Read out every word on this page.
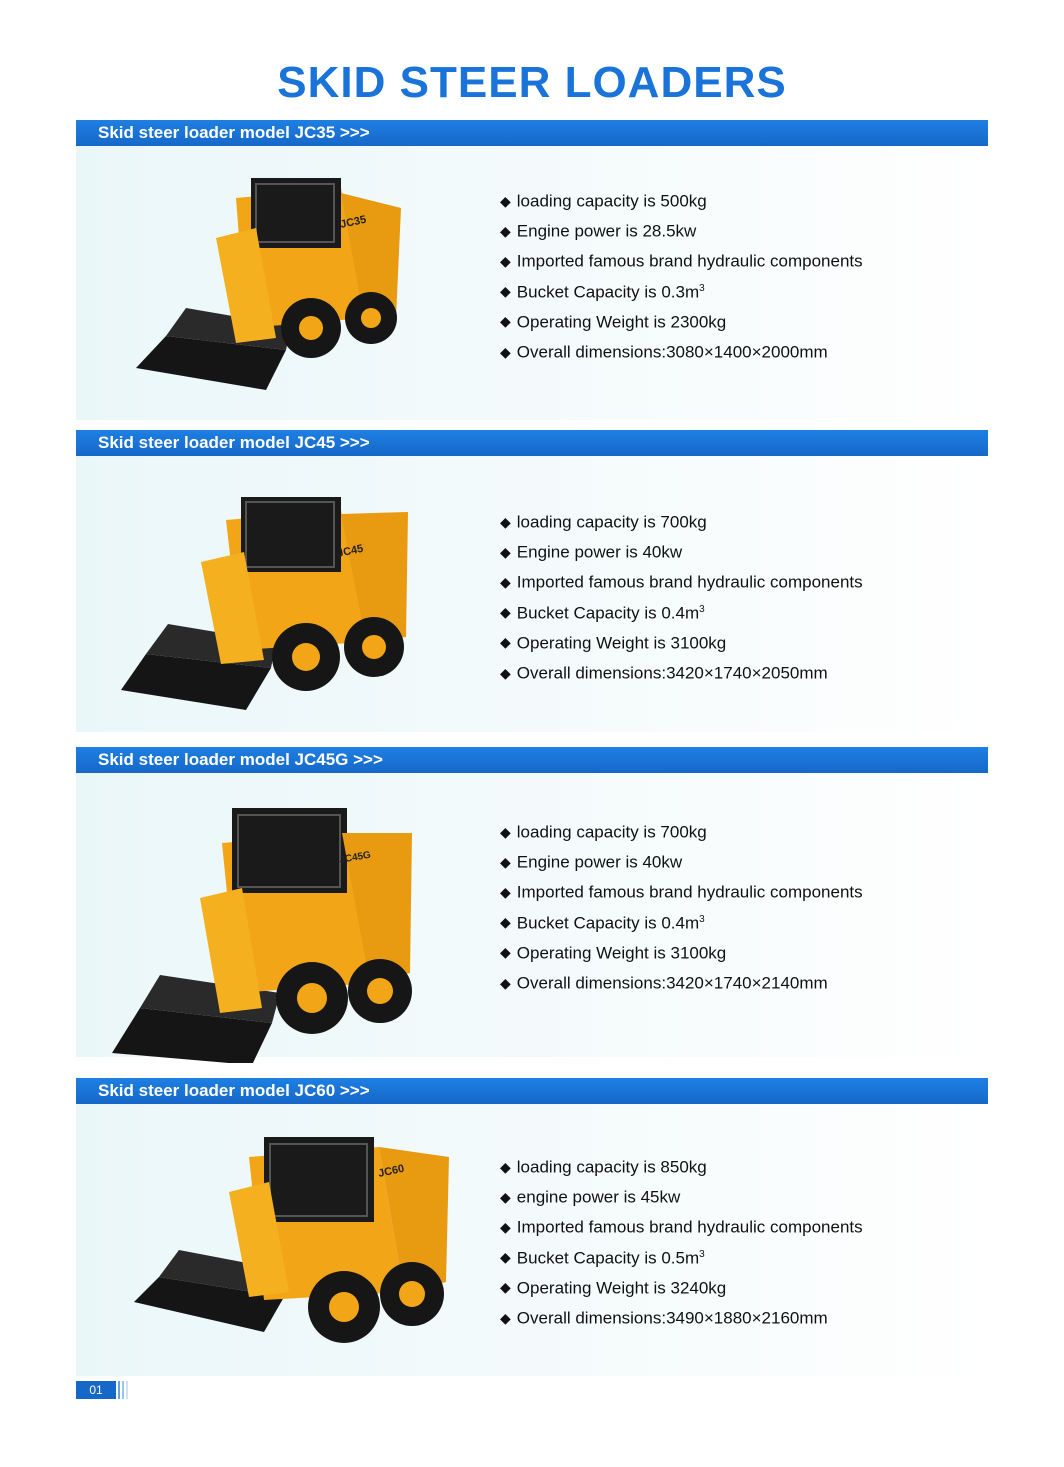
SKID STEER LOADERS
Skid steer loader model JC35 >>>
JC35
◆ loading capacity is 500kg
◆ Engine power is 28.5kw
◆ Imported famous brand hydraulic components
◆ Bucket Capacity is $0.3m^3$
◆ Operating Weight is 2300kg
◆ Overall dimensions:3080×1400×2000mm
Skid steer loader model JC45 >>>
JC45
◆ loading capacity is 700kg
◆ Engine power is 40kw
◆ Imported famous brand hydraulic components
◆ Bucket Capacity is $0.4m^3$
◆ Operating Weight is 3100kg
◆ Overall dimensions:3420×1740×2050mm
Skid steer loader model JC45G >>>
JC45G
◆ loading capacity is 700kg
◆ Engine power is 40kw
◆ Imported famous brand hydraulic components
◆ Bucket Capacity is $0.4m^3$
◆ Operating Weight is 3100kg
◆ Overall dimensions:3420×1740×2140mm
Skid steer loader model JC60 >>>
JC60	◆ loading capacity is 850kg
◆ engine power is 45kw
◆ Imported famous brand hydraulic components
◆ Bucket Capacity is $0.5m^3$
◆ Operating Weight is 3240kg
◆ Overall dimensions:3490×1880×2160mm
01
